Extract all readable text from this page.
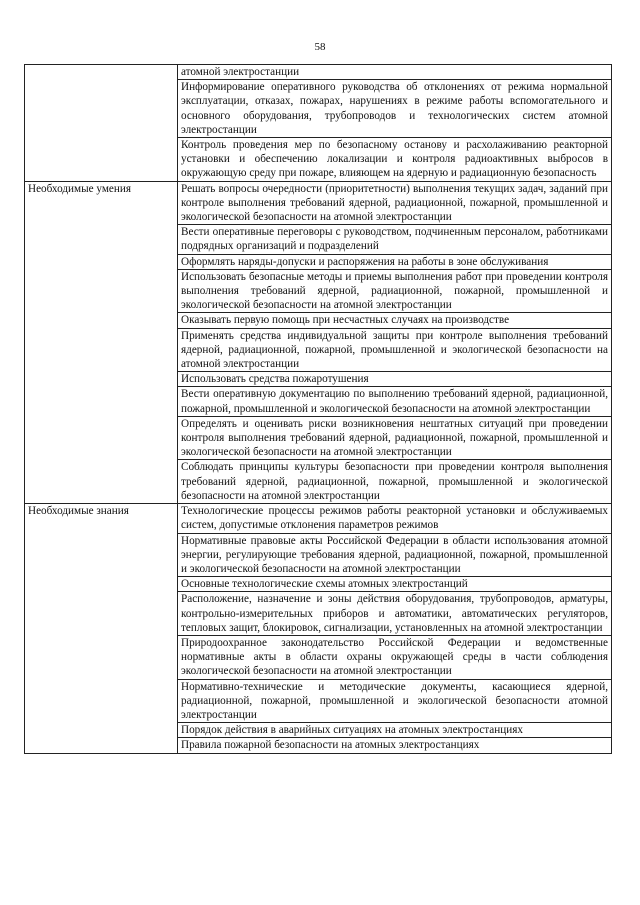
58
	атомной электростанции
	Информирование оперативного руководства об отклонениях от режима нормальной эксплуатации, отказах, пожарах, нарушениях в режиме работы вспомогательного и основного оборудования, трубопроводов и технологических систем атомной электростанции
	Контроль проведения мер по безопасному останову и расхолаживанию реакторной установки и обеспечению локализации и контроля радиоактивных выбросов в окружающую среду при пожаре, влияющем на ядерную и радиационную безопасность
Необходимые умения	Решать вопросы очередности (приоритетности) выполнения текущих задач, заданий при контроле выполнения требований ядерной, радиационной, пожарной, промышленной и экологической безопасности на атомной электростанции
	Вести оперативные переговоры с руководством, подчиненным персоналом, работниками подрядных организаций и подразделений
	Оформлять наряды-допуски и распоряжения на работы в зоне обслуживания
	Использовать безопасные методы и приемы выполнения работ при проведении контроля выполнения требований ядерной, радиационной, пожарной, промышленной и экологической безопасности на атомной электростанции
	Оказывать первую помощь при несчастных случаях на производстве
	Применять средства индивидуальной защиты при контроле выполнения требований ядерной, радиационной, пожарной, промышленной и экологической безопасности на атомной электростанции
	Использовать средства пожаротушения
	Вести оперативную документацию по выполнению требований ядерной, радиационной, пожарной, промышленной и экологической безопасности на атомной электростанции
	Определять и оценивать риски возникновения нештатных ситуаций при проведении контроля выполнения требований ядерной, радиационной, пожарной, промышленной и экологической безопасности на атомной электростанции
	Соблюдать принципы культуры безопасности при проведении контроля выполнения требований ядерной, радиационной, пожарной, промышленной и экологической безопасности на атомной электростанции
Необходимые знания	Технологические процессы режимов работы реакторной установки и обслуживаемых систем, допустимые отклонения параметров режимов
	Нормативные правовые акты Российской Федерации в области использования атомной энергии, регулирующие требования ядерной, радиационной, пожарной, промышленной и экологической безопасности на атомной электростанции
	Основные технологические схемы атомных электростанций
	Расположение, назначение и зоны действия оборудования, трубопроводов, арматуры, контрольно-измерительных приборов и автоматики, автоматических регуляторов, тепловых защит, блокировок, сигнализации, установленных на атомной электростанции
	Природоохранное законодательство Российской Федерации и ведомственные нормативные акты в области охраны окружающей среды в части соблюдения экологической безопасности на атомной электростанции
	Нормативно-технические и методические документы, касающиеся ядерной, радиационной, пожарной, промышленной и экологической безопасности атомной электростанции
	Порядок действия в аварийных ситуациях на атомных электростанциях
	Правила пожарной безопасности на атомных электростанциях
